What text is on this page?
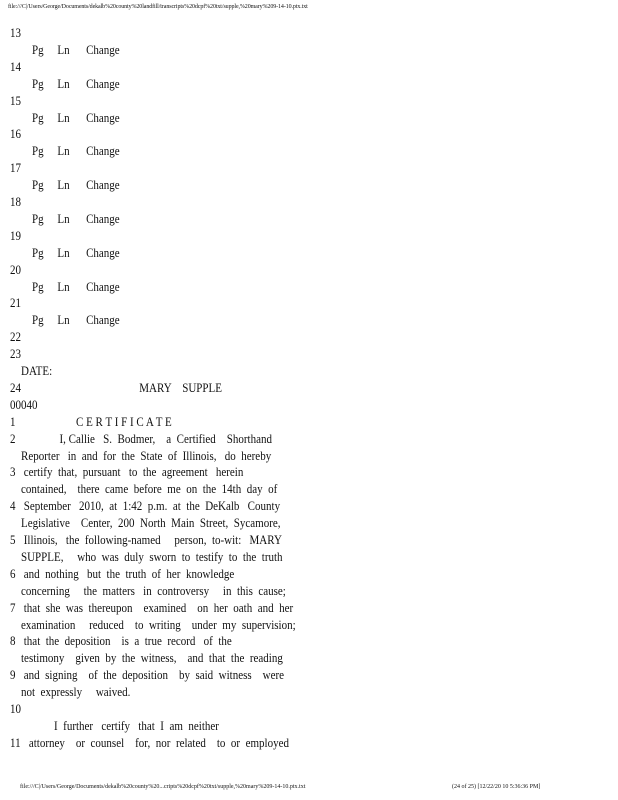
file:///C|/Users/George/Documents/dekalb%20county%20landfill/transcripts%20dcpf%20txt/supple,%20mary%209-14-10.ptx.txt
13
Pg     Ln      Change
14
Pg     Ln      Change
15
Pg     Ln      Change
16
Pg     Ln      Change
17
Pg     Ln      Change
18
Pg     Ln      Change
19
Pg     Ln      Change
20
Pg     Ln      Change
21
Pg     Ln      Change
22
23
DATE:
24                                           MARY    SUPPLE
00040
1                      C E R T I F I C A T E
2                I, Callie   S.  Bodmer,    a  Certified    Shorthand
Reporter   in  and  for  the  State  of  Illinois,   do  hereby
3   certify  that,  pursuant   to  the  agreement   herein
contained,    there  came  before  me  on  the  14th  day  of
4   September   2010,  at  1:42  p.m.  at  the  DeKalb   County
Legislative    Center,  200  North  Main  Street,  Sycamore,
5   Illinois,   the  following-named     person,  to-wit:   MARY
SUPPLE,     who  was  duly  sworn  to  testify  to  the  truth
6   and  nothing   but  the  truth  of  her  knowledge
concerning     the  matters   in  controversy     in  this  cause;
7   that  she  was  thereupon    examined    on  her  oath  and  her
examination     reduced    to  writing    under  my  supervision;
8   that  the  deposition    is  a  true  record   of  the
testimony    given  by  the  witness,    and  that  the  reading
9   and  signing    of  the  deposition    by  said  witness    were
not  expressly     waived.
10
I  further   certify   that  I  am  neither
11   attorney    or  counsel    for,  nor  related    to  or  employed
file:///C|/Users/George/Documents/dekalb%20county%20...cripts%20dcpf%20txt/supple,%20mary%209-14-10.ptx.txt	(24 of 25) [12/22/20 10 5:36:36 PM]
